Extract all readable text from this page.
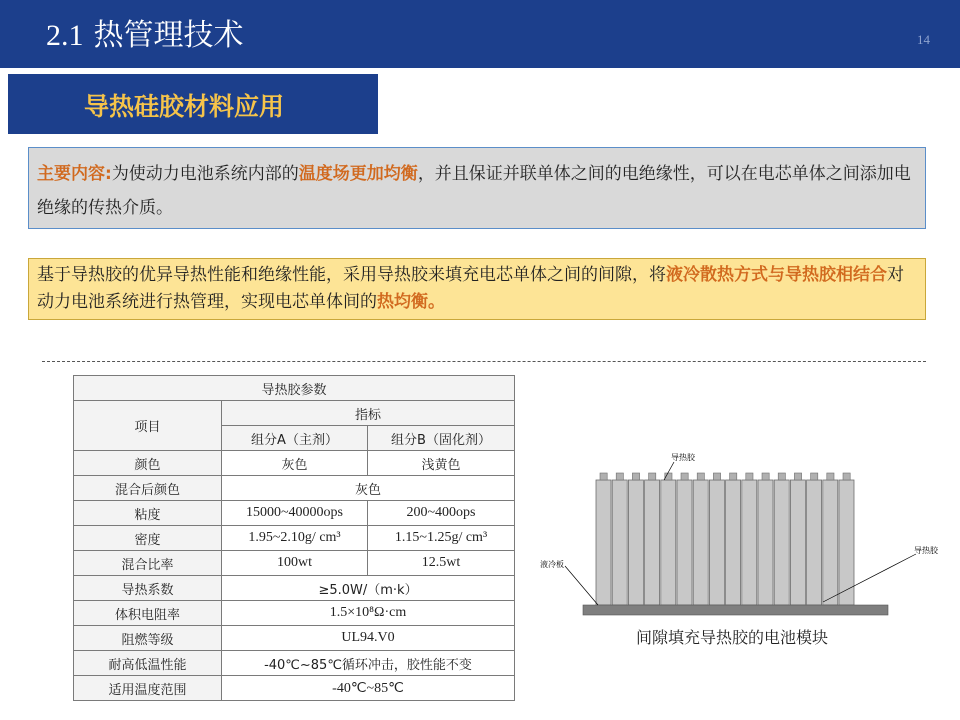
2.1 热管理技术	14
导热硅胶材料应用
主要内容:为使动力电池系统内部的温度场更加均衡，并且保证并联单体之间的电绝缘性，可以在电芯单体之间添加电绝缘的传热介质。
基于导热胶的优异导热性能和绝缘性能，采用导热胶来填充电芯单体之间的间隙，将液冷散热方式与导热胶相结合对动力电池系统进行热管理，实现电芯单体间的热均衡。
导热胶参数		
项目	指标	
	组分A（主剂）	组分B（固化剂）
颜色	灰色	浅黄色
混合后颜色	灰色	
粘度	15000~40000ops	200~400ops
密度	1.95~2.10g/ cm³	1.15~1.25g/ cm³
混合比率	100wt	12.5wt
导热系数	≥5.0W/（m·k）	
体积电阻率	1.5×10⁸Ω·cm	
阻燃等级	UL94.V0	
耐高低温性能	-40℃~85℃循环冲击，胶性能不变	
适用温度范围	-40℃~85℃	
导热胶
液冷板
导热胶
间隙填充导热胶的电池模块
